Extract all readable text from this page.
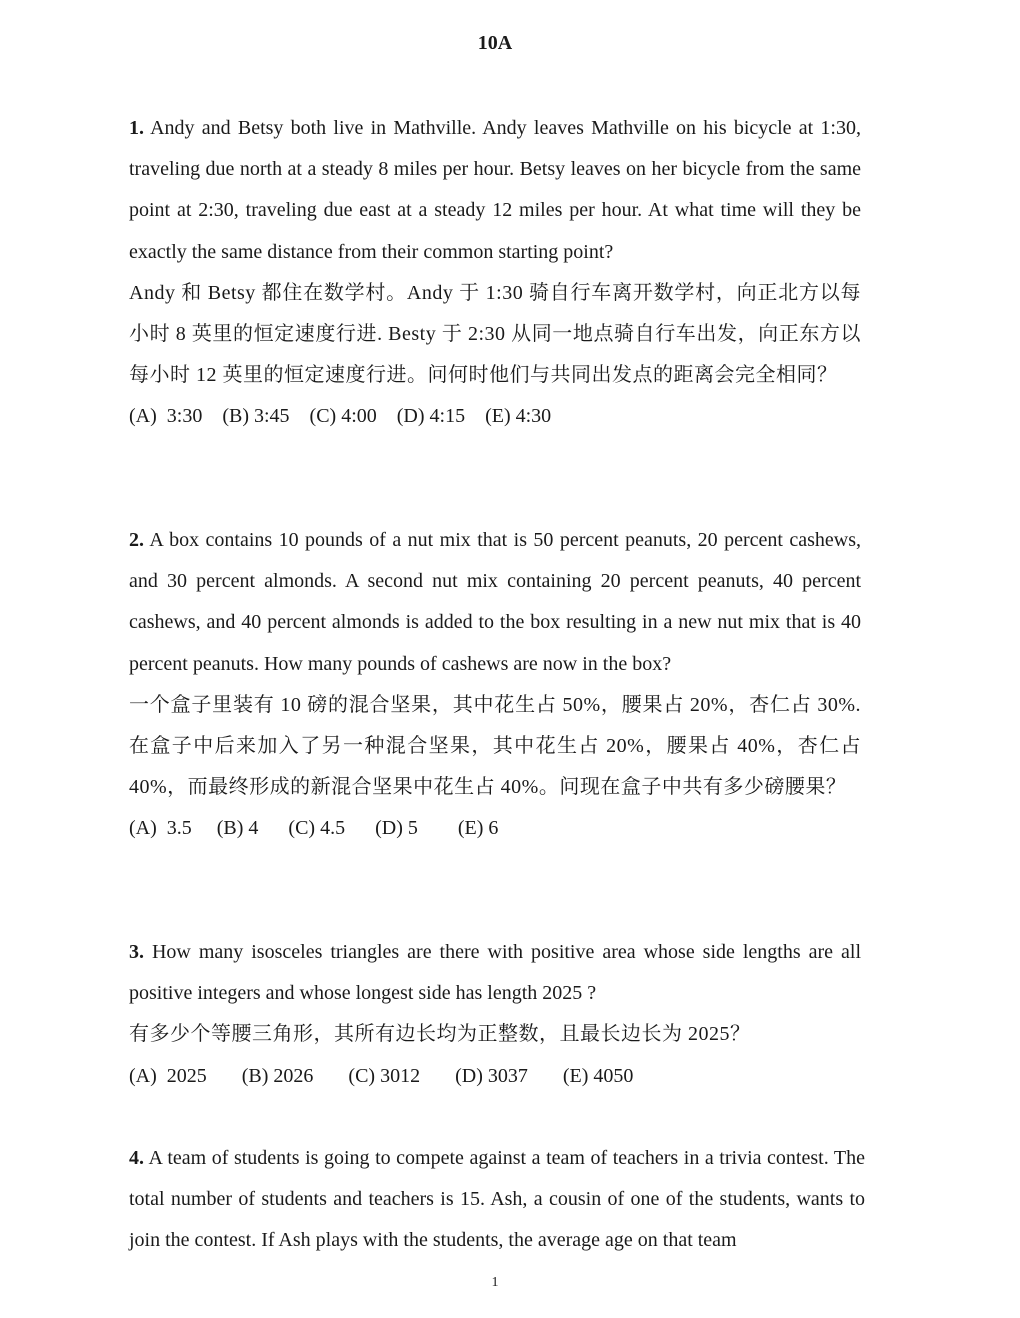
10A
1. Andy and Betsy both live in Mathville. Andy leaves Mathville on his bicycle at 1:30, traveling due north at a steady 8 miles per hour. Betsy leaves on her bicycle from the same point at 2:30, traveling due east at a steady 12 miles per hour. At what time will they be exactly the same distance from their common starting point?
Andy 和 Betsy 都住在数学村。Andy 于 1:30 骑自行车离开数学村，向正北方以每小时 8 英里的恒定速度行进. Besty 于 2:30 从同一地点骑自行车出发，向正东方以每小时 12 英里的恒定速度行进。问何时他们与共同出发点的距离会完全相同？
(A)  3:30    (B) 3:45    (C) 4:00    (D) 4:15    (E) 4:30
2. A box contains 10 pounds of a nut mix that is 50 percent peanuts, 20 percent cashews, and 30 percent almonds. A second nut mix containing 20 percent peanuts, 40 percent cashews, and 40 percent almonds is added to the box resulting in a new nut mix that is 40 percent peanuts. How many pounds of cashews are now in the box?
一个盒子里装有 10 磅的混合坚果，其中花生占 50%，腰果占 20%，杏仁占 30%. 在盒子中后来加入了另一种混合坚果，其中花生占 20%，腰果占 40%，杏仁占 40%，而最终形成的新混合坚果中花生占 40%。问现在盒子中共有多少磅腰果？
(A)  3.5     (B) 4      (C) 4.5      (D) 5        (E) 6
3. How many isosceles triangles are there with positive area whose side lengths are all positive integers and whose longest side has length 2025 ?
有多少个等腰三角形，其所有边长均为正整数，且最长边长为 2025？
(A)  2025       (B) 2026       (C) 3012       (D) 3037       (E) 4050
4. A team of students is going to compete against a team of teachers in a trivia contest. The total number of students and teachers is 15. Ash, a cousin of one of the students, wants to join the contest. If Ash plays with the students, the average age on that team
1
